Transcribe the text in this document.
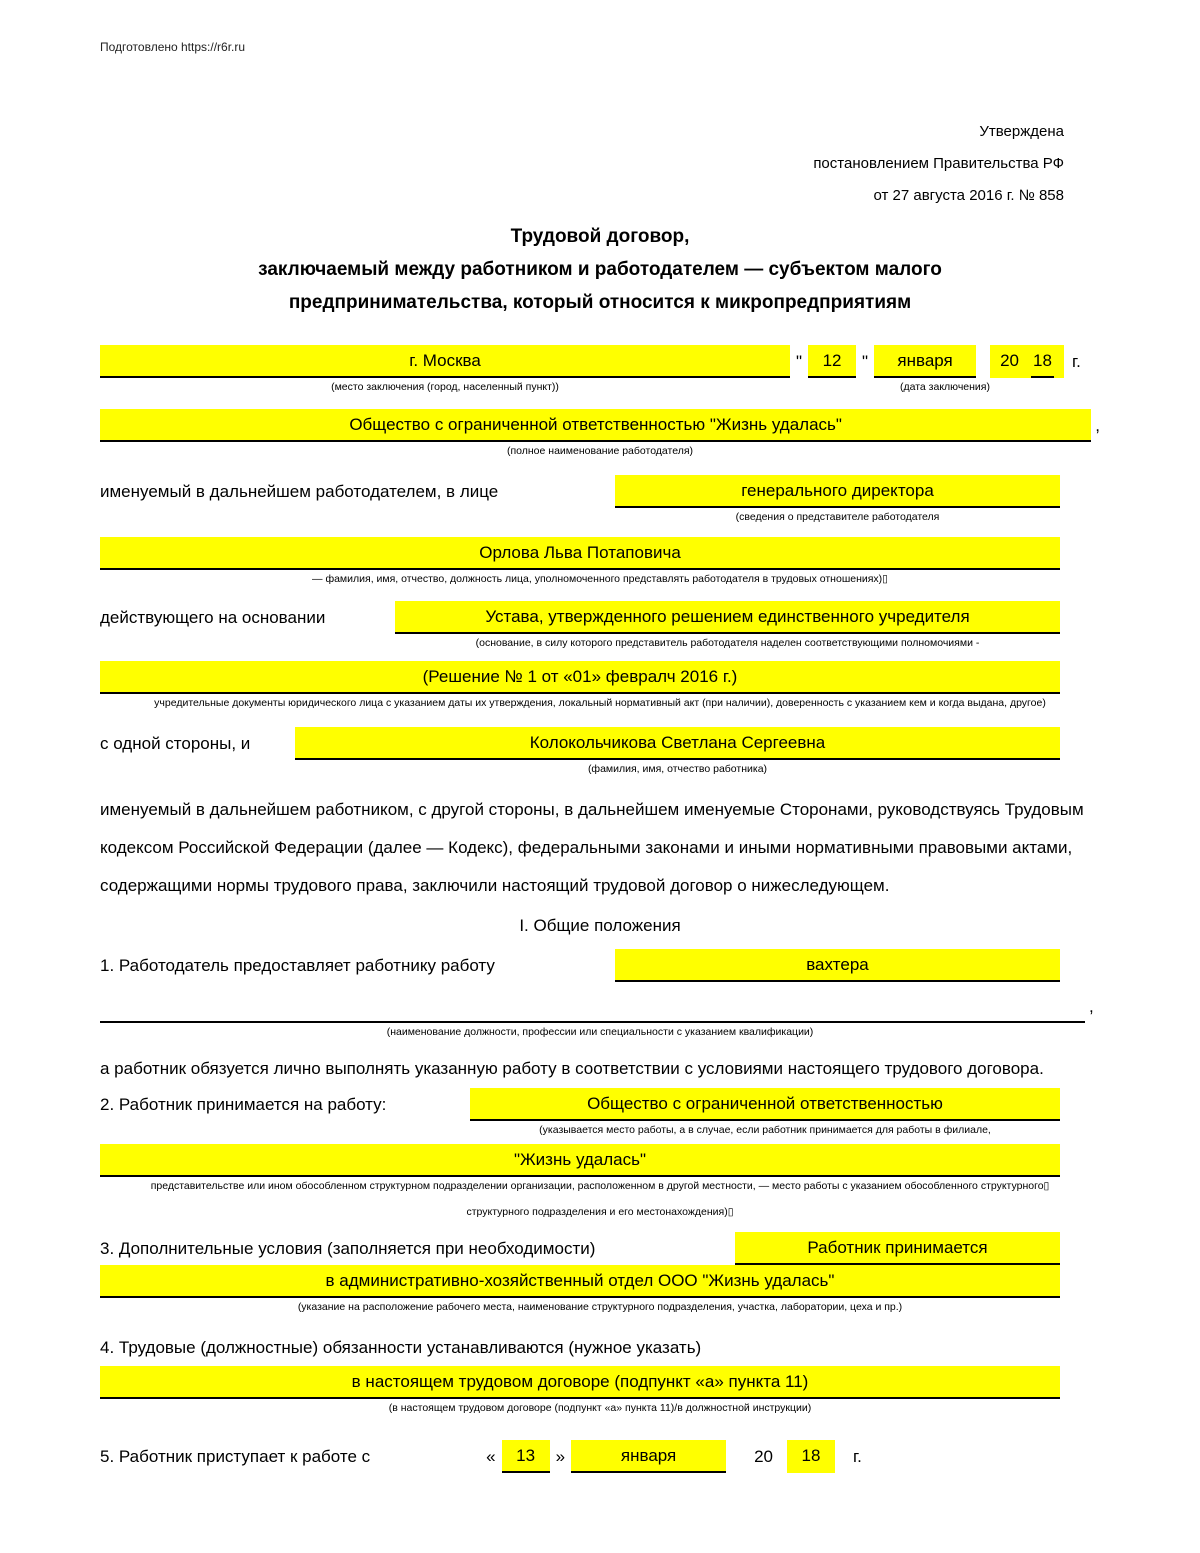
Подготовлено https://r6r.ru
Утверждена
постановлением Правительства РФ
от 27 августа 2016 г. № 858
Трудовой договор,
заключаемый между работником и работодателем — субъектом малого
предпринимательства, который относится к микропредприятиям
г. Москва	"	12	"	января	20 18	г.
(место заключения (город, населенный пункт))	(дата заключения)
Общество с ограниченной ответственностью "Жизнь удалась"	,
(полное наименование работодателя)
именуемый в дальнейшем работодателем, в лице	генерального директора
(сведения о представителе работодателя
Орлова Льва Потаповича
— фамилия, имя, отчество, должность лица, уполномоченного представлять работодателя в трудовых отношениях)▯
действующего на основании	Устава, утвержденного решением единственного учредителя
(основание, в силу которого представитель работодателя наделен соответствующими полномочиями -
(Решение № 1 от «01» февралч 2016 г.)
учредительные документы юридического лица с указанием даты их утверждения, локальный нормативный акт (при наличии), доверенность с указанием кем и когда выдана, другое)
с одной стороны, и	Колокольчикова Светлана Сергеевна
(фамилия, имя, отчество работника)

именуемый в дальнейшем работником, с другой стороны, в дальнейшем именуемые Сторонами, руководствуясь Трудовым кодексом Российской Федерации (далее — Кодекс), федеральными законами и иными нормативными правовыми актами, содержащими нормы трудового права, заключили настоящий трудовой договор о нижеследующем.

I. Общие положения
1. Работодатель предоставляет работнику работу	вахтера
,
(наименование должности, профессии или специальности с указанием квалификации)

а работник обязуется лично выполнять указанную работу в соответствии с условиями настоящего трудового договора.

2. Работник принимается на работу:	Общество с ограниченной ответственностью
(указывается место работы, а в случае, если работник принимается для работы в филиале,
"Жизнь удалась"
представительстве или ином обособленном структурном подразделении организации, расположенном в другой местности, — место работы с указанием обособленного структурного▯
структурного подразделения и его местонахождения)▯
3. Дополнительные условия (заполняется при необходимости)	Работник принимается
в административно-хозяйственный отдел ООО "Жизнь удалась"
(указание на расположение рабочего места, наименование структурного подразделения, участка, лаборатории, цеха и пр.)
4. Трудовые (должностные) обязанности устанавливаются (нужное указать)
в настоящем трудовом договоре (подпункт «а» пункта 11)
(в настоящем трудовом договоре (подпункт «а» пункта 11)/в должностной инструкции)
5. Работник приступает к работе с	«	13	»	января	20	18	г.
